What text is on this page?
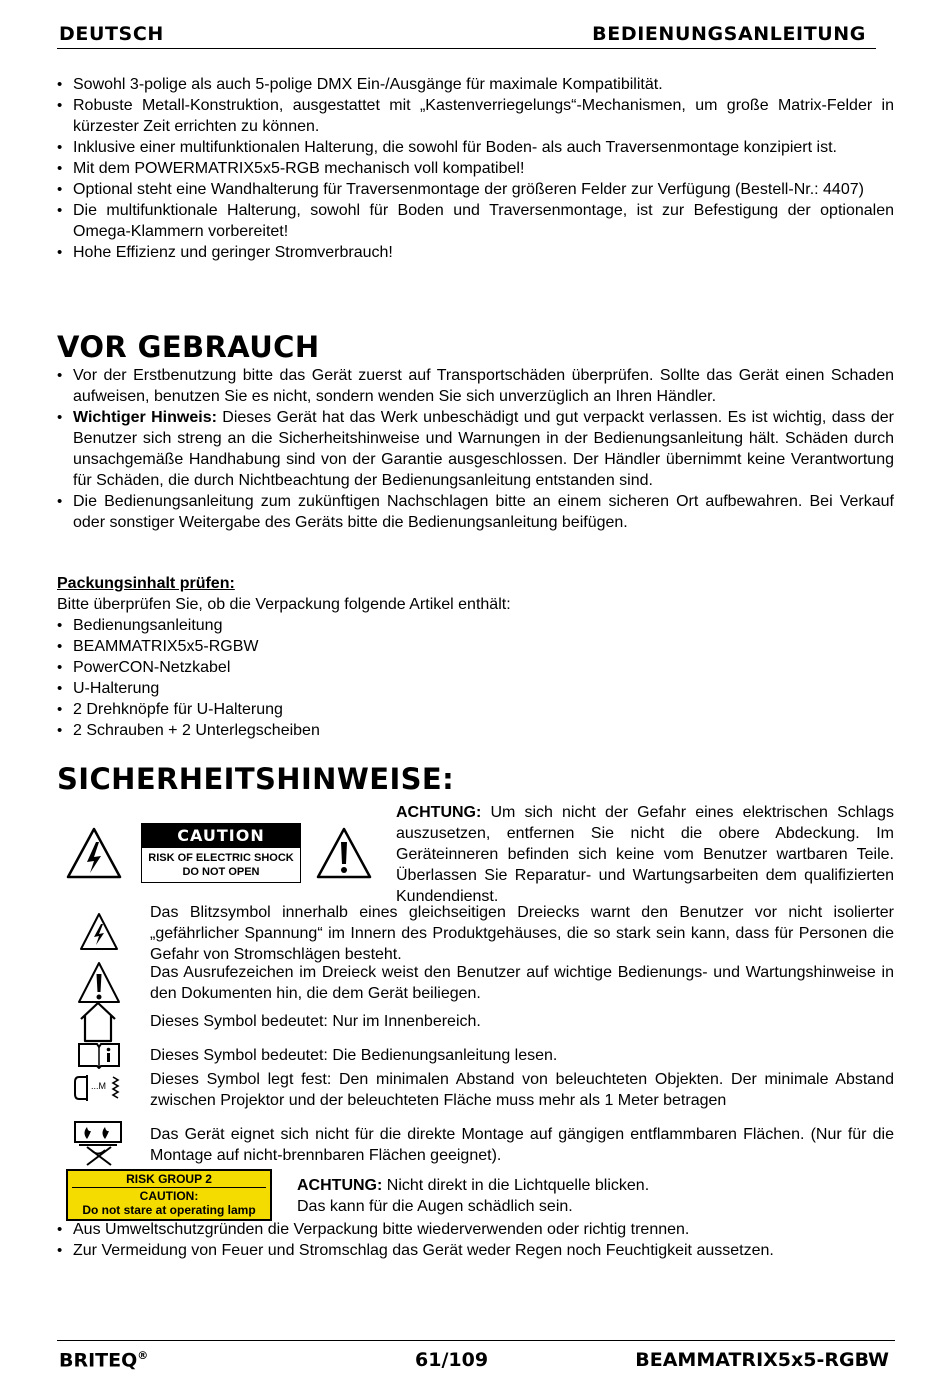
DEUTSCH	BEDIENUNGSANLEITUNG
• Sowohl 3-polige als auch 5-polige DMX Ein-/Ausgänge für maximale Kompatibilität.
• Robuste Metall-Konstruktion, ausgestattet mit „Kastenverriegelungs“-Mechanismen, um große Matrix-Felder in kürzester Zeit errichten zu können.
• Inklusive einer multifunktionalen Halterung, die sowohl für Boden- als auch Traversenmontage konzipiert ist.
• Mit dem POWERMATRIX5x5-RGB mechanisch voll kompatibel!
• Optional steht eine Wandhalterung für Traversenmontage der größeren Felder zur Verfügung (Bestell-Nr.: 4407)
• Die multifunktionale Halterung, sowohl für Boden und Traversenmontage, ist zur Befestigung der optionalen Omega-Klammern vorbereitet!
• Hohe Effizienz und geringer Stromverbrauch!
VOR GEBRAUCH
• Vor der Erstbenutzung bitte das Gerät zuerst auf Transportschäden überprüfen. Sollte das Gerät einen Schaden aufweisen, benutzen Sie es nicht, sondern wenden Sie sich unverzüglich an Ihren Händler.
• Wichtiger Hinweis: Dieses Gerät hat das Werk unbeschädigt und gut verpackt verlassen. Es ist wichtig, dass der Benutzer sich streng an die Sicherheitshinweise und Warnungen in der Bedienungsanleitung hält. Schäden durch unsachgemäße Handhabung sind von der Garantie ausgeschlossen. Der Händler übernimmt keine Verantwortung für Schäden, die durch Nichtbeachtung der Bedienungsanleitung entstanden sind.
• Die Bedienungsanleitung zum zukünftigen Nachschlagen bitte an einem sicheren Ort aufbewahren. Bei Verkauf oder sonstiger Weitergabe des Geräts bitte die Bedienungsanleitung beifügen.

Packungsinhalt prüfen:

Bitte überprüfen Sie, ob die Verpackung folgende Artikel enthält:

• Bedienungsanleitung
• BEAMMATRIX5x5-RGBW
• PowerCON-Netzkabel
• U-Halterung
• 2 Drehknöpfe für U-Halterung
• 2 Schrauben + 2 Unterlegscheiben
SICHERHEITSHINWEISE:
CAUTION
RISK OF ELECTRIC SHOCK
DO NOT OPEN

ACHTUNG: Um sich nicht der Gefahr eines elektrischen Schlags auszusetzen, entfernen Sie nicht die obere Abdeckung. Im Geräteinneren befinden sich keine vom Benutzer wartbaren Teile. Überlassen Sie Reparatur- und Wartungsarbeiten dem qualifizierten Kundendienst.

Das Blitzsymbol innerhalb eines gleichseitigen Dreiecks warnt den Benutzer vor nicht isolierter „gefährlicher Spannung“ im Innern des Produktgehäuses, die so stark sein kann, dass für Personen die Gefahr von Stromschlägen besteht.

Das Ausrufezeichen im Dreieck weist den Benutzer auf wichtige Bedienungs- und Wartungshinweise in den Dokumenten hin, die dem Gerät beiliegen.

Dieses Symbol bedeutet: Nur im Innenbereich.

Dieses Symbol bedeutet: Die Bedienungsanleitung lesen.

...M	Dieses Symbol legt fest: Den minimalen Abstand von beleuchteten Objekten. Der minimale Abstand zwischen Projektor und der beleuchteten Fläche muss mehr als 1 Meter betragen

Das Gerät eignet sich nicht für die direkte Montage auf gängigen entflammbaren Flächen. (Nur für die Montage auf nicht-brennbaren Flächen geeignet).

RISK GROUP 2
CAUTION:
Do not stare at operating lamp

ACHTUNG: Nicht direkt in die Lichtquelle blicken.
Das kann für die Augen schädlich sein.

• Aus Umweltschutzgründen die Verpackung bitte wiederverwenden oder richtig trennen.
• Zur Vermeidung von Feuer und Stromschlag das Gerät weder Regen noch Feuchtigkeit aussetzen.
BRITEQ®	61/109	BEAMMATRIX5x5-RGBW
